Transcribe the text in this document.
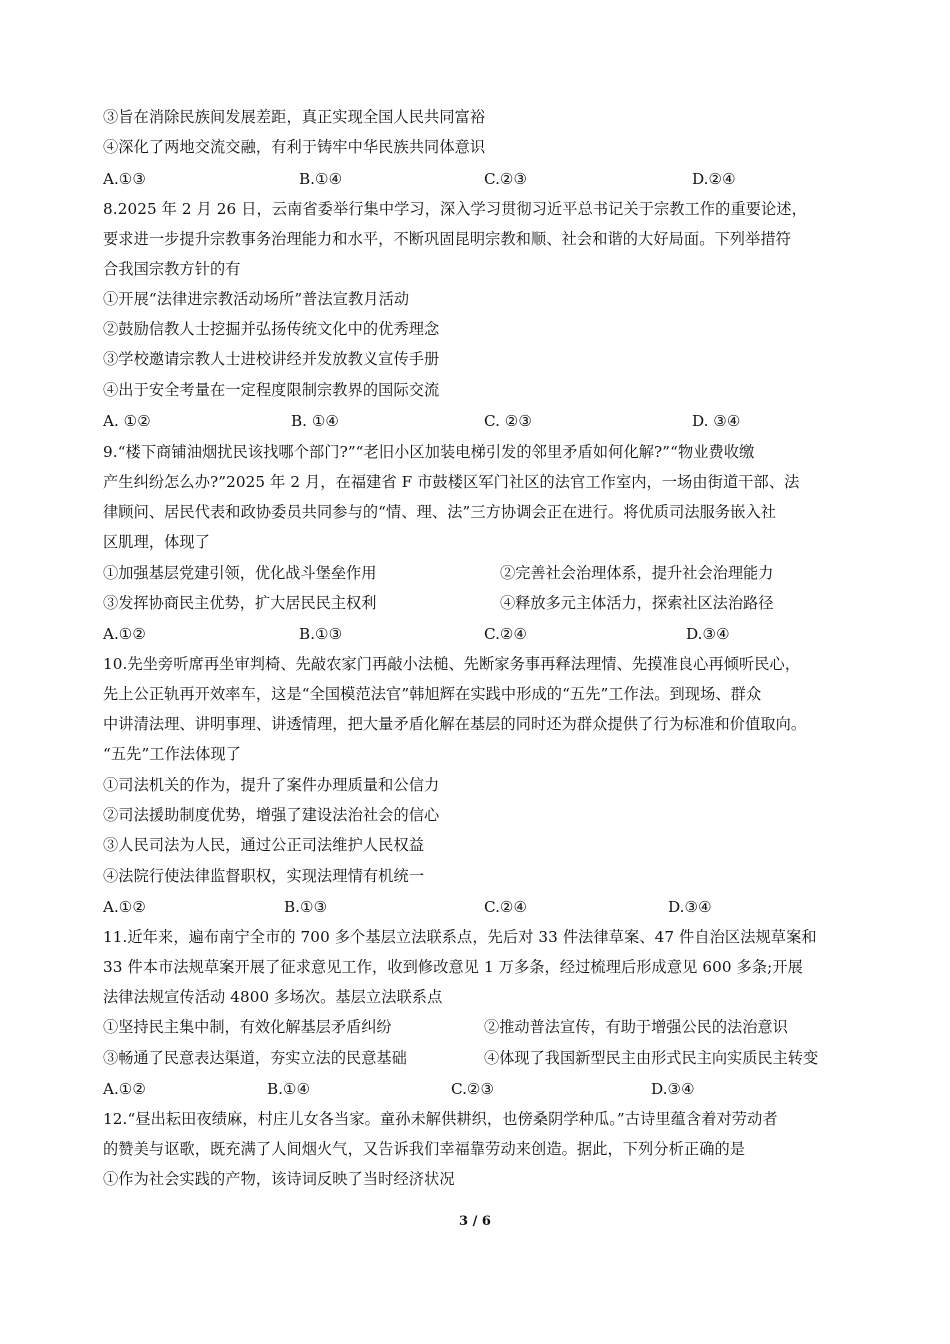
③旨在消除民族间发展差距，真正实现全国人民共同富裕
④深化了两地交流交融，有利于铸牢中华民族共同体意识
A.①③	B.①④	C.②③	D.②④
8.2025 年 2 月 26 日，云南省委举行集中学习，深入学习贯彻习近平总书记关于宗教工作的重要论述，
要求进一步提升宗教事务治理能力和水平，不断巩固昆明宗教和顺、社会和谐的大好局面。下列举措符
合我国宗教方针的有
①开展“法律进宗教活动场所”普法宣教月活动
②鼓励信教人士挖掘并弘扬传统文化中的优秀理念
③学校邀请宗教人士进校讲经并发放教义宣传手册
④出于安全考量在一定程度限制宗教界的国际交流
A. ①②	B. ①④	C. ②③	D. ③④
9.“楼下商铺油烟扰民该找哪个部门?”“老旧小区加装电梯引发的邻里矛盾如何化解?”“物业费收缴
产生纠纷怎么办?”2025 年 2 月，在福建省 F 市鼓楼区军门社区的法官工作室内，一场由街道干部、法
律顾问、居民代表和政协委员共同参与的“情、理、法”三方协调会正在进行。将优质司法服务嵌入社
区肌理，体现了
①加强基层党建引领，优化战斗堡垒作用	②完善社会治理体系，提升社会治理能力
③发挥协商民主优势，扩大居民民主权利	④释放多元主体活力，探索社区法治路径
A.①②	B.①③	C.②④	D.③④
10.先坐旁听席再坐审判椅、先敲农家门再敲小法槌、先断家务事再释法理情、先摸准良心再倾听民心，
先上公正轨再开效率车，这是“全国模范法官”韩旭辉在实践中形成的“五先”工作法。到现场、群众
中讲清法理、讲明事理、讲透情理，把大量矛盾化解在基层的同时还为群众提供了行为标准和价值取向。
“五先”工作法体现了
①司法机关的作为，提升了案件办理质量和公信力
②司法援助制度优势，增强了建设法治社会的信心
③人民司法为人民，通过公正司法维护人民权益
④法院行使法律监督职权，实现法理情有机统一
A.①②	B.①③	C.②④	D.③④
11.近年来，遍布南宁全市的 700 多个基层立法联系点，先后对 33 件法律草案、47 件自治区法规草案和
33 件本市法规草案开展了征求意见工作，收到修改意见 1 万多条，经过梳理后形成意见 600 多条;开展
法律法规宣传活动 4800 多场次。基层立法联系点
①坚持民主集中制，有效化解基层矛盾纠纷	②推动普法宣传，有助于增强公民的法治意识
③畅通了民意表达渠道，夯实立法的民意基础	④体现了我国新型民主由形式民主向实质民主转变
A.①②	B.①④	C.②③	D.③④
12.“昼出耘田夜绩麻，村庄儿女各当家。童孙未解供耕织，也傍桑阴学种瓜。”古诗里蕴含着对劳动者
的赞美与讴歌，既充满了人间烟火气，又告诉我们幸福靠劳动来创造。据此，下列分析正确的是
①作为社会实践的产物，该诗词反映了当时经济状况
3 / 6
